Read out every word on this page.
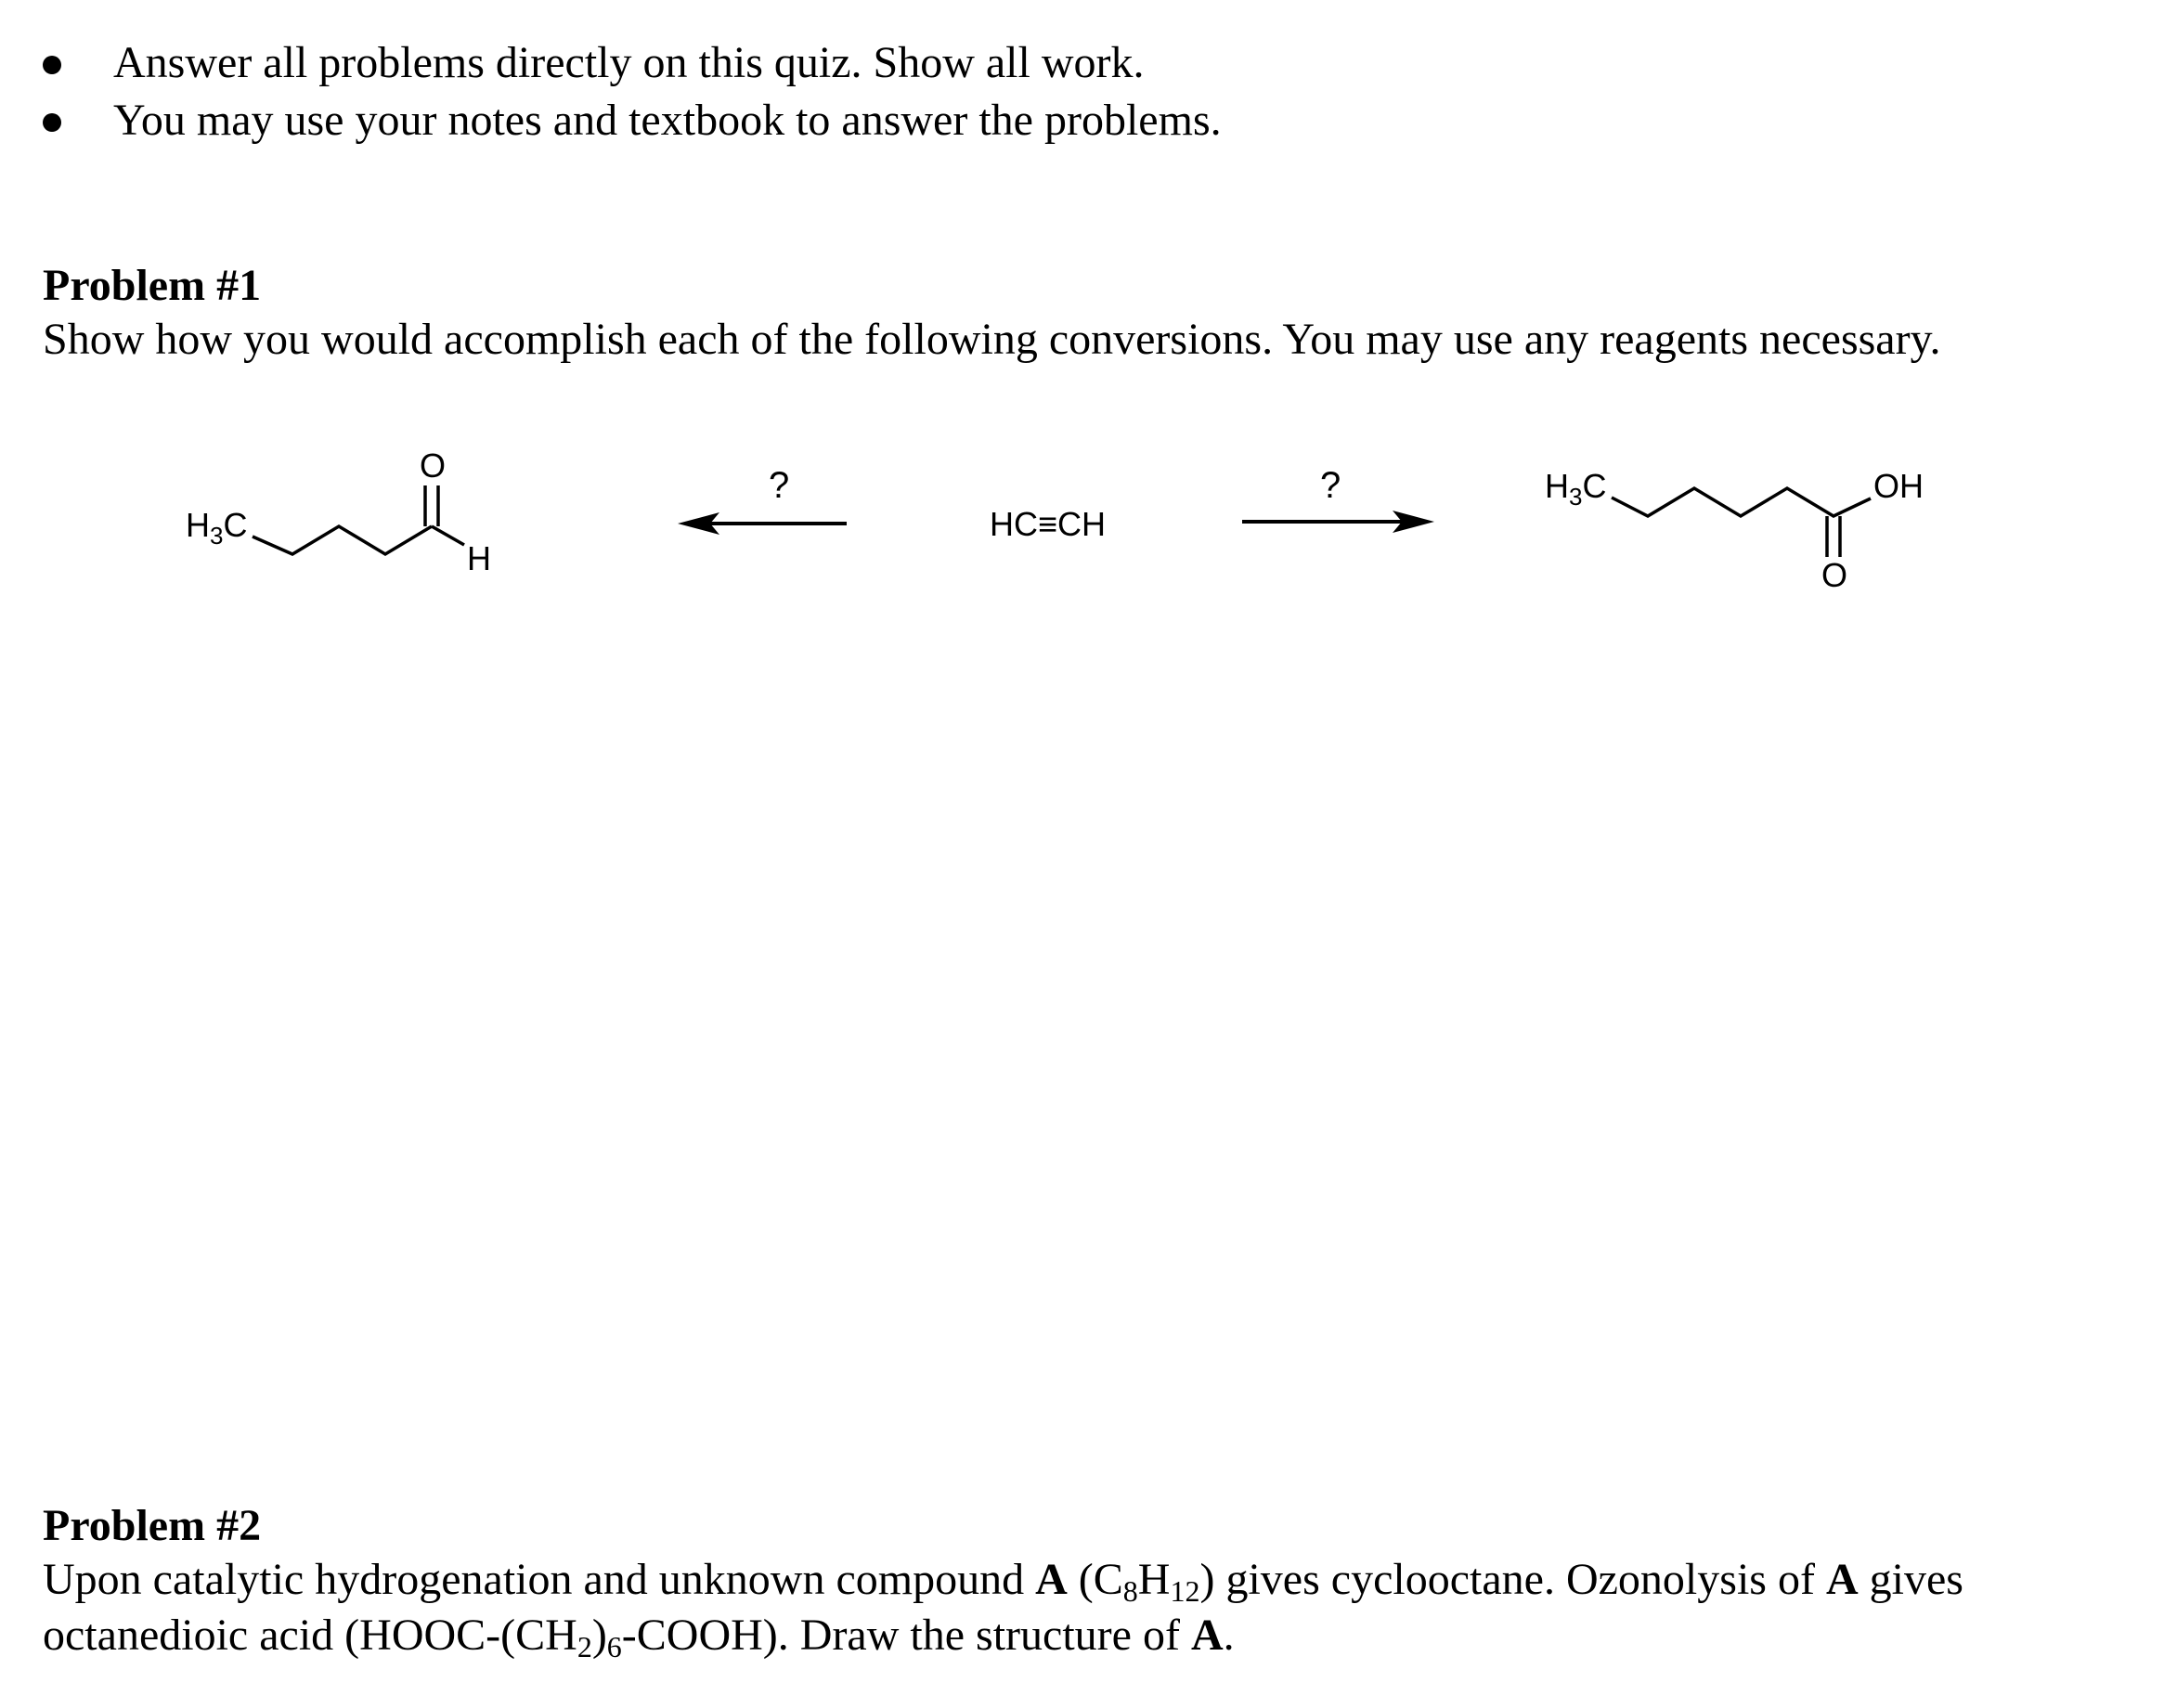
Answer all problems directly on this quiz. Show all work.
You may use your notes and textbook to answer the problems.
Problem #1
Show how you would accomplish each of the following conversions. You may use any reagents necessary.
$H_3C$
O
H
?
HC≡CH
?	$H_3C$	OH
O
Problem #2
Upon catalytic hydrogenation and unknown compound A $(C_8H_{12})$ gives cyclooctane. Ozonolysis of A gives
octanedioic acid $(HOOC-(CH_2)_6-COOH)$. Draw the structure of A.
